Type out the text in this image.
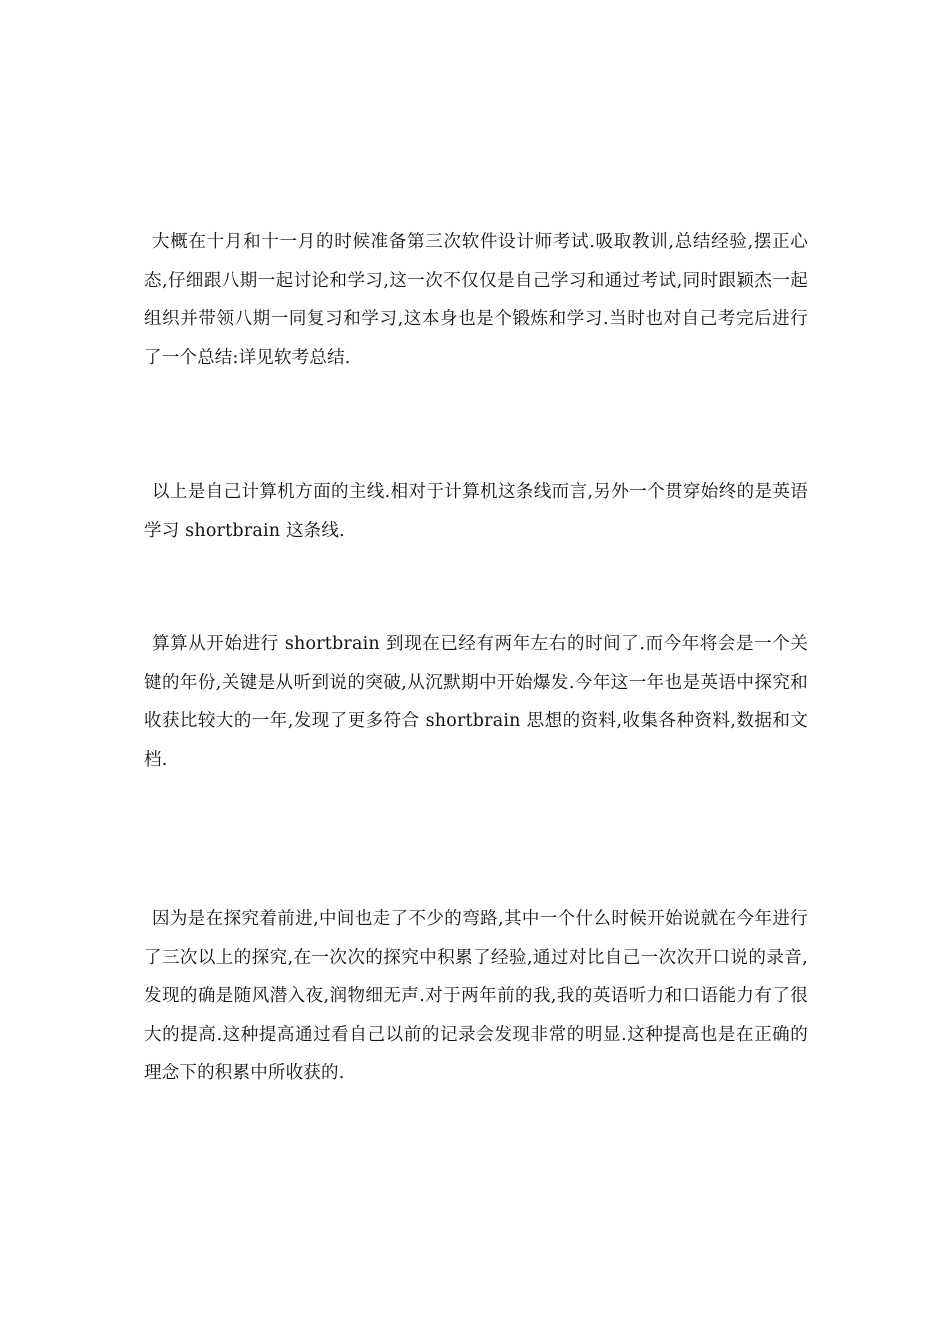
大概在十月和十一月的时候准备第三次软件设计师考试.吸取教训,总结经验,摆正心态,仔细跟八期一起讨论和学习,这一次不仅仅是自己学习和通过考试,同时跟颖杰一起组织并带领八期一同复习和学习,这本身也是个锻炼和学习.当时也对自己考完后进行了一个总结:详见软考总结.

以上是自己计算机方面的主线.相对于计算机这条线而言,另外一个贯穿始终的是英语学习 shortbrain 这条线.

算算从开始进行 shortbrain 到现在已经有两年左右的时间了.而今年将会是一个关键的年份,关键是从听到说的突破,从沉默期中开始爆发.今年这一年也是英语中探究和收获比较大的一年,发现了更多符合 shortbrain 思想的资料,收集各种资料,数据和文档.

因为是在探究着前进,中间也走了不少的弯路,其中一个什么时候开始说就在今年进行了三次以上的探究,在一次次的探究中积累了经验,通过对比自己一次次开口说的录音,发现的确是随风潜入夜,润物细无声.对于两年前的我,我的英语听力和口语能力有了很大的提高.这种提高通过看自己以前的记录会发现非常的明显.这种提高也是在正确的理念下的积累中所收获的.
